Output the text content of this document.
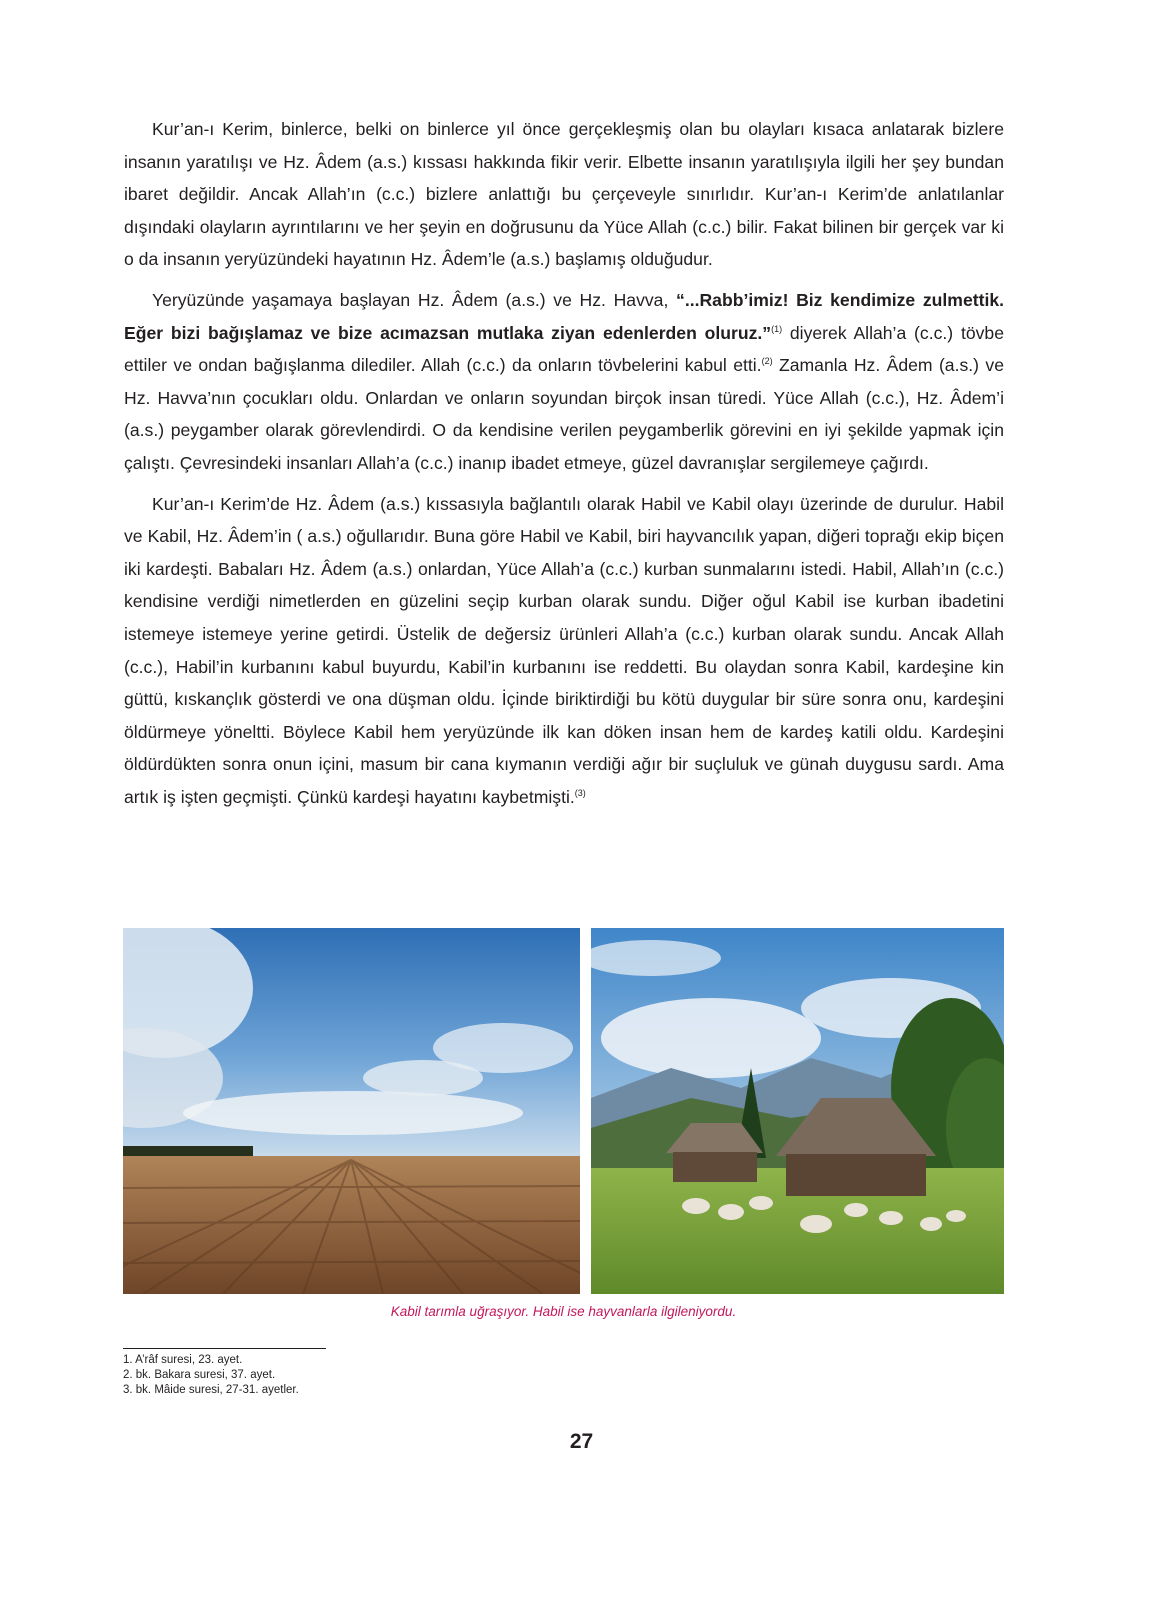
Kur’an-ı Kerim, binlerce, belki on binlerce yıl önce gerçekleşmiş olan bu olayları kısaca anlatarak bizlere insanın yaratılışı ve Hz. Âdem (a.s.) kıssası hakkında fikir verir. Elbette insanın yaratılışıyla ilgili her şey bundan ibaret değildir. Ancak Allah’ın (c.c.) bizlere anlattığı bu çerçeveyle sınırlıdır. Kur’an-ı Kerim’de anlatılanlar dışındaki olayların ayrıntılarını ve her şeyin en doğrusunu da Yüce Allah (c.c.) bilir. Fakat bilinen bir gerçek var ki o da insanın yeryüzündeki hayatının Hz. Âdem’le (a.s.) başlamış olduğudur.

Yeryüzünde yaşamaya başlayan Hz. Âdem (a.s.) ve Hz. Havva, “...Rabb’imiz! Biz kendimize zulmettik. Eğer bizi bağışlamaz ve bize acımazsan mutlaka ziyan edenlerden oluruz.”$^{(1)}$ diyerek Allah’a (c.c.) tövbe ettiler ve ondan bağışlanma dilediler. Allah (c.c.) da onların tövbelerini kabul etti.$^{(2)}$ Zamanla Hz. Âdem (a.s.) ve Hz. Havva’nın çocukları oldu. Onlardan ve onların soyundan birçok insan türedi. Yüce Allah (c.c.), Hz. Âdem’i (a.s.) peygamber olarak görevlendirdi. O da kendisine verilen peygamberlik görevini en iyi şekilde yapmak için çalıştı. Çevresindeki insanları Allah’a (c.c.) inanıp ibadet etmeye, güzel davranışlar sergilemeye çağırdı.

Kur’an-ı Kerim’de Hz. Âdem (a.s.) kıssasıyla bağlantılı olarak Habil ve Kabil olayı üzerinde de durulur. Habil ve Kabil, Hz. Âdem’in ( a.s.) oğullarıdır. Buna göre Habil ve Kabil, biri hayvancılık yapan, diğeri toprağı ekip biçen iki kardeşti. Babaları Hz. Âdem (a.s.) onlardan, Yüce Allah’a (c.c.) kurban sunmalarını istedi. Habil, Allah’ın (c.c.) kendisine verdiği nimetlerden en güzelini seçip kurban olarak sundu. Diğer oğul Kabil ise kurban ibadetini istemeye istemeye yerine getirdi. Üstelik de değersiz ürünleri Allah’a (c.c.) kurban olarak sundu. Ancak Allah (c.c.), Habil’in kurbanını kabul buyurdu, Kabil’in kurbanını ise reddetti. Bu olaydan sonra Kabil, kardeşine kin güttü, kıskançlık gösterdi ve ona düşman oldu. İçinde biriktirdiği bu kötü duygular bir süre sonra onu, kardeşini öldürmeye yöneltti. Böylece Kabil hem yeryüzünde ilk kan döken insan hem de kardeş katili oldu. Kardeşini öldürdükten sonra onun içini, masum bir cana kıymanın verdiği ağır bir suçluluk ve günah duygusu sardı. Ama artık iş işten geçmişti. Çünkü kardeşi hayatını kaybetmişti.$^{(3)}$

Kabil tarımla uğraşıyor. Habil ise hayvanlarla ilgileniyordu.
1. A’râf suresi, 23. ayet.
2. bk. Bakara suresi, 37. ayet.
3. bk. Mâide suresi, 27-31. ayetler.
27
